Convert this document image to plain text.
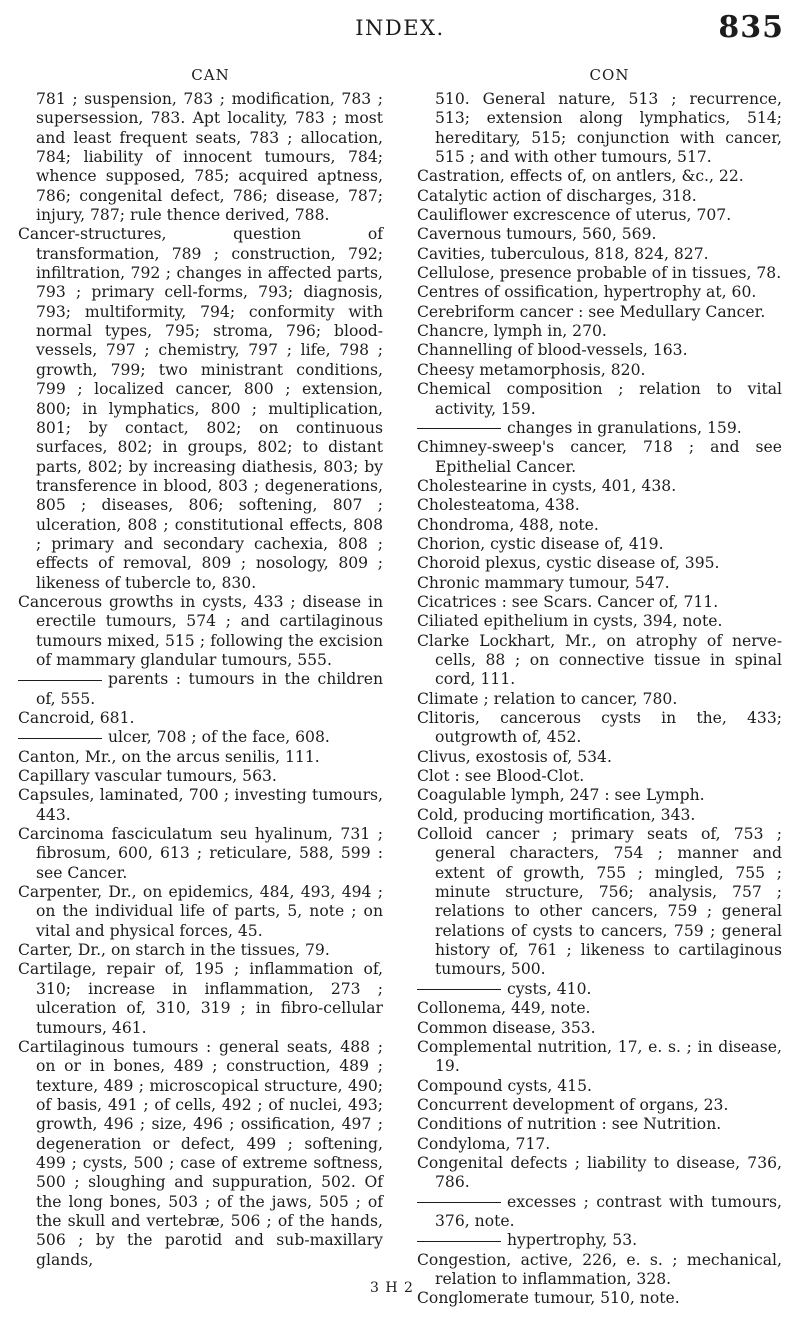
INDEX.	835
CAN

781 ; suspension, 783 ; modification, 783 ; supersession, 783. Apt locality, 783 ; most and least frequent seats, 783 ; allocation, 784; liability of innocent tumours, 784; whence supposed, 785; acquired aptness, 786; congenital defect, 786; disease, 787; injury, 787; rule thence derived, 788.

Cancer-structures, question of transformation, 789 ; construction, 792; infiltration, 792 ; changes in affected parts, 793 ; primary cell-forms, 793; diagnosis, 793; multiformity, 794; conformity with normal types, 795; stroma, 796; blood-vessels, 797 ; chemistry, 797 ; life, 798 ; growth, 799; two ministrant conditions, 799 ; localized cancer, 800 ; extension, 800; in lymphatics, 800 ; multiplication, 801; by contact, 802; on continuous surfaces, 802; in groups, 802; to distant parts, 802; by increasing diathesis, 803; by transference in blood, 803 ; degenerations, 805 ; diseases, 806; softening, 807 ; ulceration, 808 ; constitutional effects, 808 ; primary and secondary cachexia, 808 ; effects of removal, 809 ; nosology, 809 ; likeness of tubercle to, 830.

Cancerous growths in cysts, 433 ; disease in erectile tumours, 574 ; and cartilaginous tumours mixed, 515 ; following the excision of mammary glandular tumours, 555.

parents : tumours in the children of, 555.

Cancroid, 681.

ulcer, 708 ; of the face, 608.

Canton, Mr., on the arcus senilis, 111.

Capillary vascular tumours, 563.

Capsules, laminated, 700 ; investing tumours, 443.

Carcinoma fasciculatum seu hyalinum, 731 ; fibrosum, 600, 613 ; reticulare, 588, 599 : see Cancer.

Carpenter, Dr., on epidemics, 484, 493, 494 ; on the individual life of parts, 5, note ; on vital and physical forces, 45.

Carter, Dr., on starch in the tissues, 79.

Cartilage, repair of, 195 ; inflammation of, 310; increase in inflammation, 273 ; ulceration of, 310, 319 ; in fibro-cellular tumours, 461.

Cartilaginous tumours : general seats, 488 ; on or in bones, 489 ; construction, 489 ; texture, 489 ; microscopical structure, 490; of basis, 491 ; of cells, 492 ; of nuclei, 493; growth, 496 ; size, 496 ; ossification, 497 ; degeneration or defect, 499 ; softening, 499 ; cysts, 500 ; case of extreme softness, 500 ; sloughing and suppuration, 502. Of the long bones, 503 ; of the jaws, 505 ; of the skull and vertebræ, 506 ; of the hands, 506 ; by the parotid and sub-maxillary glands,

CON

510. General nature, 513 ; recurrence, 513; extension along lymphatics, 514; hereditary, 515; conjunction with cancer, 515 ; and with other tumours, 517.

Castration, effects of, on antlers, &c., 22.

Catalytic action of discharges, 318.

Cauliflower excrescence of uterus, 707.

Cavernous tumours, 560, 569.

Cavities, tuberculous, 818, 824, 827.

Cellulose, presence probable of in tissues, 78.

Centres of ossification, hypertrophy at, 60.

Cerebriform cancer : see Medullary Cancer.

Chancre, lymph in, 270.

Channelling of blood-vessels, 163.

Cheesy metamorphosis, 820.

Chemical composition ; relation to vital activity, 159.

changes in granulations, 159.

Chimney-sweep's cancer, 718 ; and see Epithelial Cancer.

Cholestearine in cysts, 401, 438.

Cholesteatoma, 438.

Chondroma, 488, note.

Chorion, cystic disease of, 419.

Choroid plexus, cystic disease of, 395.

Chronic mammary tumour, 547.

Cicatrices : see Scars. Cancer of, 711.

Ciliated epithelium in cysts, 394, note.

Clarke Lockhart, Mr., on atrophy of nerve-cells, 88 ; on connective tissue in spinal cord, 111.

Climate ; relation to cancer, 780.

Clitoris, cancerous cysts in the, 433; outgrowth of, 452.

Clivus, exostosis of, 534.

Clot : see Blood-Clot.

Coagulable lymph, 247 : see Lymph.

Cold, producing mortification, 343.

Colloid cancer ; primary seats of, 753 ; general characters, 754 ; manner and extent of growth, 755 ; mingled, 755 ; minute structure, 756; analysis, 757 ; relations to other cancers, 759 ; general relations of cysts to cancers, 759 ; general history of, 761 ; likeness to cartilaginous tumours, 500.

cysts, 410.

Collonema, 449, note.

Common disease, 353.

Complemental nutrition, 17, e. s. ; in disease, 19.

Compound cysts, 415.

Concurrent development of organs, 23.

Conditions of nutrition : see Nutrition.

Condyloma, 717.

Congenital defects ; liability to disease, 736, 786.

excesses ; contrast with tumours, 376, note.

hypertrophy, 53.

Congestion, active, 226, e. s. ; mechanical, relation to inflammation, 328.

Conglomerate tumour, 510, note.

3 H 2
